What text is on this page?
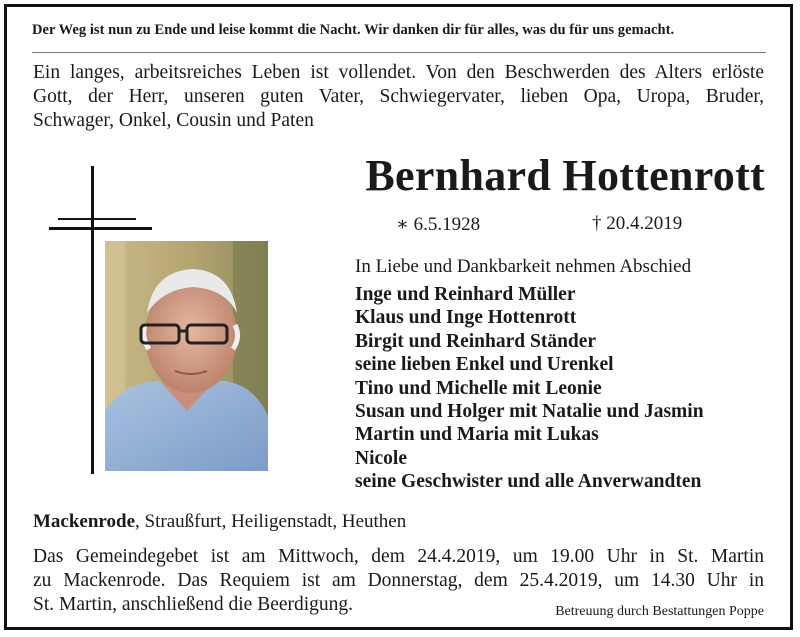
Der Weg ist nun zu Ende und leise kommt die Nacht. Wir danken dir für alles, was du für uns gemacht.
Ein langes, arbeitsreiches Leben ist vollendet. Von den Beschwerden des Alters erlöste
Gott, der Herr, unseren guten Vater, Schwiegervater, lieben Opa, Uropa, Bruder,
Schwager, Onkel, Cousin und Paten
Bernhard Hottenrott
∗ 6.5.1928	† 20.4.2019
In Liebe und Dankbarkeit nehmen Abschied
Inge und Reinhard Müller
Klaus und Inge Hottenrott
Birgit und Reinhard Ständer
seine lieben Enkel und Urenkel
Tino und Michelle mit Leonie
Susan und Holger mit Natalie und Jasmin
Martin und Maria mit Lukas
Nicole
seine Geschwister und alle Anverwandten
Mackenrode, Straußfurt, Heiligenstadt, Heuthen
Das Gemeindegebet ist am Mittwoch, dem 24.4.2019, um 19.00 Uhr in St. Martin
zu Mackenrode. Das Requiem ist am Donnerstag, dem 25.4.2019, um 14.30 Uhr in
St. Martin, anschließend die Beerdigung.	Betreuung durch Bestattungen Poppe
